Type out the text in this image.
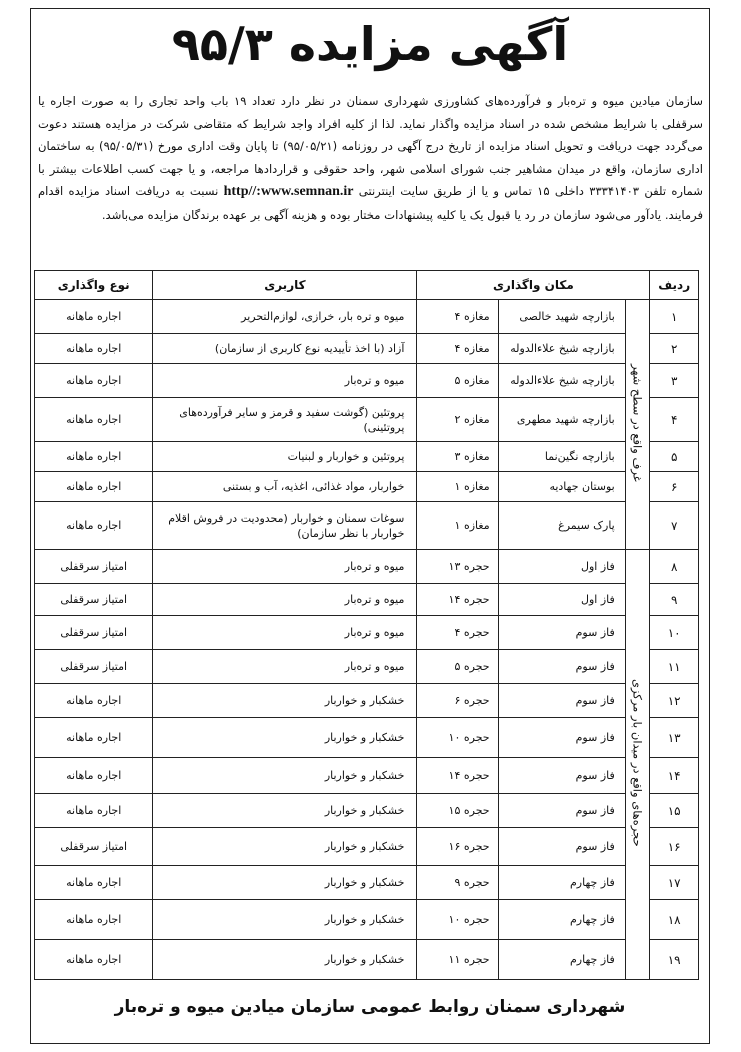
آگهی مزایده ۹۵/۳
سازمان میادین میوه و تره‌بار و فرآورده‌های کشاورزی شهرداری سمنان در نظر دارد تعداد ۱۹ باب واحد تجاری را به صورت اجاره یا سرقفلی با شرایط مشخص شده در اسناد مزایده واگذار نماید. لذا از کلیه افراد واجد شرایط که متقاضی شرکت در مزایده هستند دعوت می‌گردد جهت دریافت و تحویل اسناد مزایده از تاریخ درج آگهی در روزنامه (۹۵/۰۵/۲۱) تا پایان وقت اداری مورخ (۹۵/۰۵/۳۱) به ساختمان اداری سازمان، واقع در میدان مشاهیر جنب شورای اسلامی شهر، واحد حقوقی و قراردادها مراجعه، و یا جهت کسب اطلاعات بیشتر با شماره تلفن ۳۳۳۴۱۴۰۳ داخلی ۱۵ تماس و یا از طریق سایت اینترنتی http//:www.semnan.ir نسبت به دریافت اسناد مزایده اقدام فرمایند. یادآور می‌شود سازمان در رد یا قبول یک یا کلیه پیشنهادات مختار بوده و هزینه آگهی بر عهده برندگان مزایده می‌باشد.
ردیف	مکان واگذاری			کاربری	نوع واگذاری
۱	غرف واقع در سطح شهر	بازارچه شهید خالصی	مغازه ۴	میوه و تره بار، خرازی، لوازم‌التحریر	اجاره ماهانه
۲		بازارچه شیخ علاءالدوله	مغازه ۴	آزاد (با اخذ تأییدیه نوع کاربری از سازمان)	اجاره ماهانه
۳		بازارچه شیخ علاءالدوله	مغازه ۵	میوه و تره‌بار	اجاره ماهانه
۴		بازارچه شهید مطهری	مغازه ۲	پروتئین (گوشت سفید و قرمز و سایر فرآورده‌های پروتئینی)	اجاره ماهانه
۵		بازارچه نگین‌نما	مغازه ۳	پروتئین و خواربار و لبنیات	اجاره ماهانه
۶		بوستان جهادیه	مغازه ۱	خواربار، مواد غذائی، اغذیه، آب و بستنی	اجاره ماهانه
۷		پارک سیمرغ	مغازه ۱	سوغات سمنان و خواربار (محدودیت در فروش اقلام خواربار با نظر سازمان)	اجاره ماهانه
۸	حجره‌های واقع در میدان بار مرکزی	فاز اول	حجره ۱۳	میوه و تره‌بار	امتیاز سرقفلی
۹		فاز اول	حجره ۱۴	میوه و تره‌بار	امتیاز سرقفلی
۱۰		فاز سوم	حجره ۴	میوه و تره‌بار	امتیاز سرقفلی
۱۱		فاز سوم	حجره ۵	میوه و تره‌بار	امتیاز سرقفلی
۱۲		فاز سوم	حجره ۶	خشکبار و خواربار	اجاره ماهانه
۱۳		فاز سوم	حجره ۱۰	خشکبار و خواربار	اجاره ماهانه
۱۴		فاز سوم	حجره ۱۴	خشکبار و خواربار	اجاره ماهانه
۱۵		فاز سوم	حجره ۱۵	خشکبار و خواربار	اجاره ماهانه
۱۶		فاز سوم	حجره ۱۶	خشکبار و خواربار	امتیاز سرقفلی
۱۷		فاز چهارم	حجره ۹	خشکبار و خواربار	اجاره ماهانه
۱۸		فاز چهارم	حجره ۱۰	خشکبار و خواربار	اجاره ماهانه
۱۹		فاز چهارم	حجره ۱۱	خشکبار و خواربار	اجاره ماهانه
شهرداری سمنان روابط عمومی سازمان میادین میوه و تره‌بار
